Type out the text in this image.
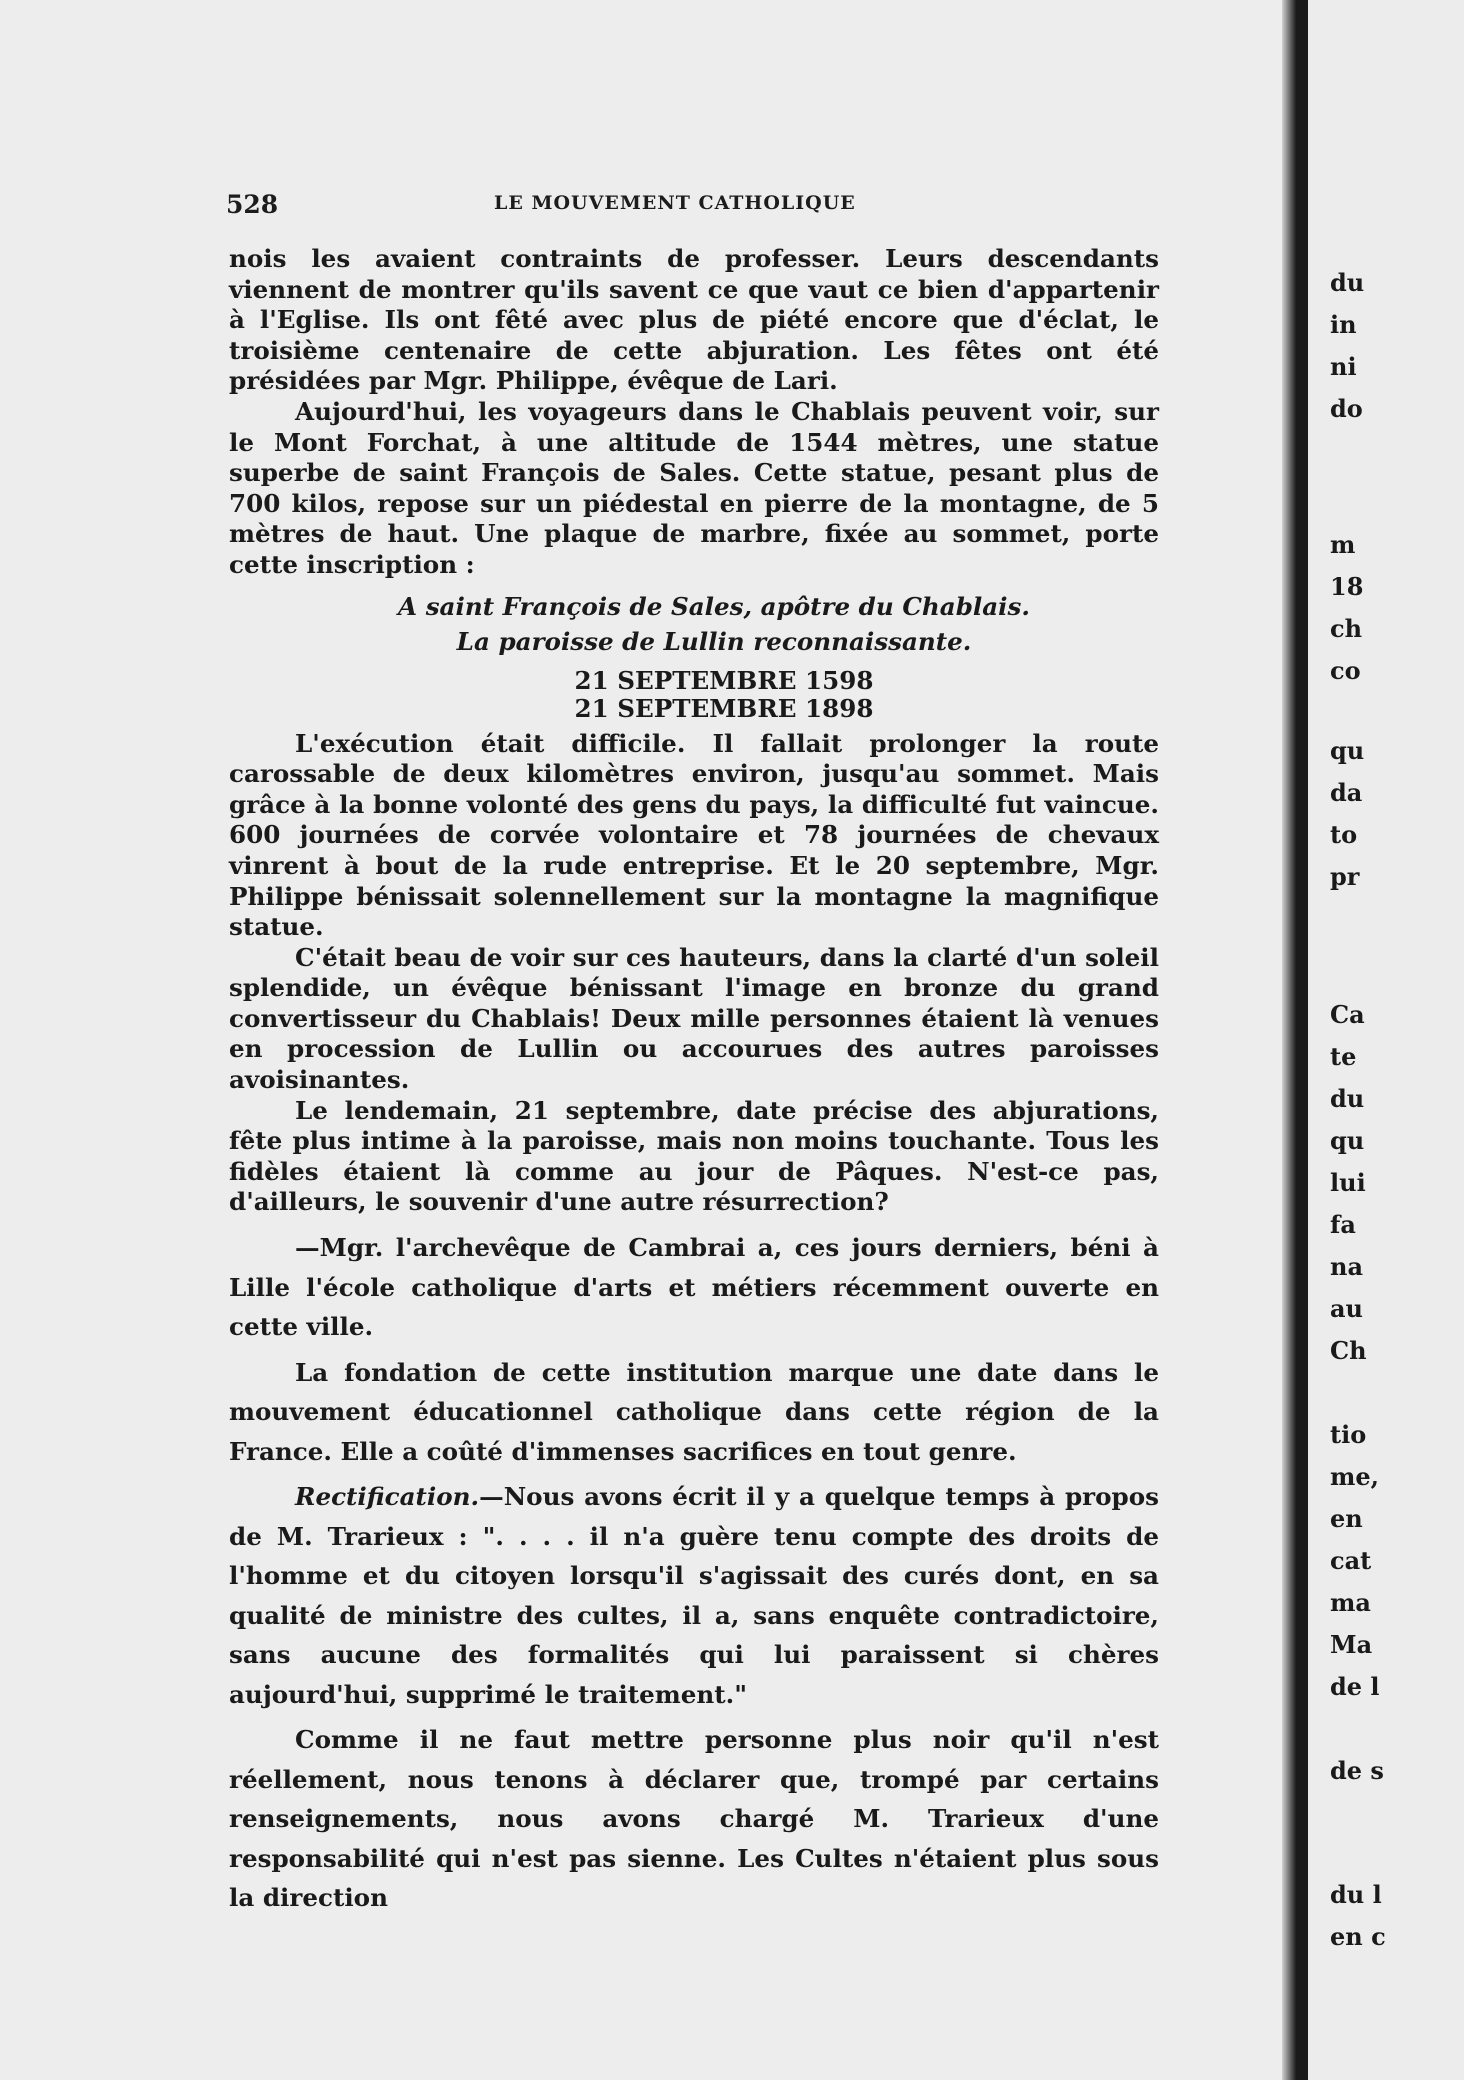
528	LE MOUVEMENT CATHOLIQUE

nois les avaient contraints de professer. Leurs descendants viennent de montrer qu'ils savent ce que vaut ce bien d'appartenir à l'Eglise. Ils ont fêté avec plus de piété encore que d'éclat, le troisième centenaire de cette abjuration. Les fêtes ont été présidées par Mgr. Philippe, évêque de Lari.

Aujourd'hui, les voyageurs dans le Chablais peuvent voir, sur le Mont Forchat, à une altitude de 1544 mètres, une statue superbe de saint François de Sales. Cette statue, pesant plus de 700 kilos, repose sur un piédestal en pierre de la montagne, de 5 mètres de haut. Une plaque de marbre, fixée au sommet, porte cette inscription :

A saint François de Sales, apôtre du Chablais.

La paroisse de Lullin reconnaissante.

21 SEPTEMBRE 1598

21 SEPTEMBRE 1898

L'exécution était difficile. Il fallait prolonger la route carossable de deux kilomètres environ, jusqu'au sommet. Mais grâce à la bonne volonté des gens du pays, la difficulté fut vaincue. 600 journées de corvée volontaire et 78 journées de chevaux vinrent à bout de la rude entreprise. Et le 20 septembre, Mgr. Philippe bénissait solennellement sur la montagne la magnifique statue.

C'était beau de voir sur ces hauteurs, dans la clarté d'un soleil splendide, un évêque bénissant l'image en bronze du grand convertisseur du Chablais! Deux mille personnes étaient là venues en procession de Lullin ou accourues des autres paroisses avoisinantes.

Le lendemain, 21 septembre, date précise des abjurations, fête plus intime à la paroisse, mais non moins touchante. Tous les fidèles étaient là comme au jour de Pâques. N'est-ce pas, d'ailleurs, le souvenir d'une autre résurrection?

—Mgr. l'archevêque de Cambrai a, ces jours derniers, béni à Lille l'école catholique d'arts et métiers récemment ouverte en cette ville.

La fondation de cette institution marque une date dans le mouvement éducationnel catholique dans cette région de la France. Elle a coûté d'immenses sacrifices en tout genre.

Rectification.—Nous avons écrit il y a quelque temps à propos de M. Trarieux : ". . . . il n'a guère tenu compte des droits de l'homme et du citoyen lorsqu'il s'agissait des curés dont, en sa qualité de ministre des cultes, il a, sans enquête contradictoire, sans aucune des formalités qui lui paraissent si chères aujourd'hui, supprimé le traitement."

Comme il ne faut mettre personne plus noir qu'il n'est réellement, nous tenons à déclarer que, trompé par certains renseignements, nous avons chargé M. Trarieux d'une responsabilité qui n'est pas sienne. Les Cultes n'étaient plus sous la direction

du
in
ni
do
m
18
ch
co
qu
da
to
pr
Ca
te
du
qu
lui
fa
na
au
Ch
tio
me,
en
cat
ma
Ma
de l
de s
du l
en c
